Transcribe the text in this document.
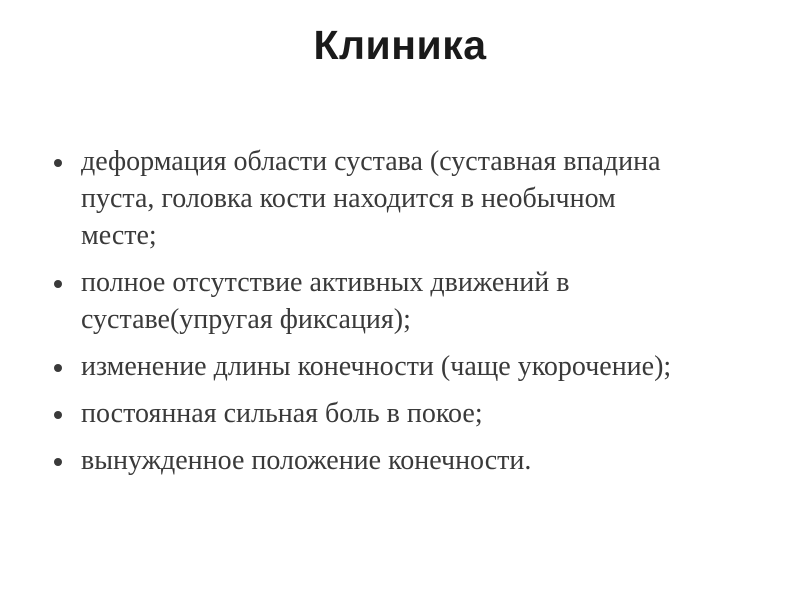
Клиника
деформация области сустава (суставная впадина пуста, головка кости находится в необычном месте;
полное отсутствие активных движений в суставе(упругая фиксация);
изменение длины конечности (чаще укорочение);
постоянная сильная боль в покое;
вынужденное положение конечности.
